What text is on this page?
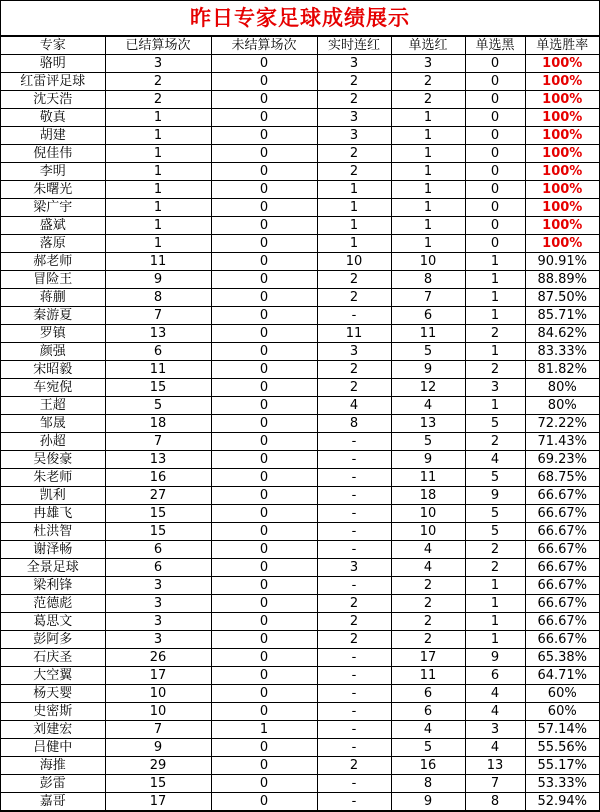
昨日专家足球成绩展示
专家	已结算场次	未结算场次	实时连红	单选红	单选黑	单选胜率
骆明	3	0	3	3	0	100%
红雷评足球	2	0	2	2	0	100%
沈天浩	2	0	2	2	0	100%
敬真	1	0	3	1	0	100%
胡建	1	0	3	1	0	100%
倪佳伟	1	0	2	1	0	100%
李明	1	0	2	1	0	100%
朱曙光	1	0	1	1	0	100%
梁广宇	1	0	1	1	0	100%
盛斌	1	0	1	1	0	100%
落原	1	0	1	1	0	100%
郝老师	11	0	10	10	1	90.91%
冒险王	9	0	2	8	1	88.89%
蒋蒯	8	0	2	7	1	87.50%
秦游夏	7	0	-	6	1	85.71%
罗镇	13	0	11	11	2	84.62%
颜强	6	0	3	5	1	83.33%
宋昭毅	11	0	2	9	2	81.82%
车宛倪	15	0	2	12	3	80%
王超	5	0	4	4	1	80%
邹晟	18	0	8	13	5	72.22%
孙超	7	0	-	5	2	71.43%
吴俊豪	13	0	-	9	4	69.23%
朱老师	16	0	-	11	5	68.75%
凯利	27	0	-	18	9	66.67%
冉雄飞	15	0	-	10	5	66.67%
杜洪智	15	0	-	10	5	66.67%
谢泽畅	6	0	-	4	2	66.67%
全景足球	6	0	3	4	2	66.67%
梁利锋	3	0	-	2	1	66.67%
范德彪	3	0	2	2	1	66.67%
葛思文	3	0	2	2	1	66.67%
彭阿多	3	0	2	2	1	66.67%
石庆圣	26	0	-	17	9	65.38%
大空翼	17	0	-	11	6	64.71%
杨天婴	10	0	-	6	4	60%
史密斯	10	0	-	6	4	60%
刘建宏	7	1	-	4	3	57.14%
吕健中	9	0	-	5	4	55.56%
海推	29	0	2	16	13	55.17%
彭雷	15	0	-	8	7	53.33%
嘉哥	17	0	-	9	8	52.94%
